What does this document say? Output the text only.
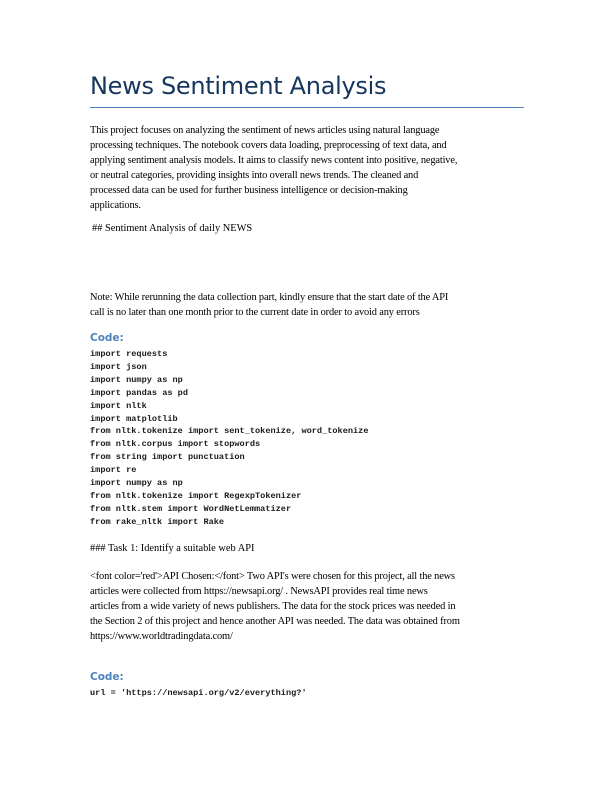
News Sentiment Analysis
This project focuses on analyzing the sentiment of news articles using natural language
processing techniques. The notebook covers data loading, preprocessing of text data, and
applying sentiment analysis models. It aims to classify news content into positive, negative,
or neutral categories, providing insights into overall news trends. The cleaned and
processed data can be used for further business intelligence or decision-making
applications.
## Sentiment Analysis of daily NEWS
Note: While rerunning the data collection part, kindly ensure that the start date of the API
call is no later than one month prior to the current date in order to avoid any errors
Code:
import requests
import json
import numpy as np
import pandas as pd
import nltk
import matplotlib
from nltk.tokenize import sent_tokenize, word_tokenize
from nltk.corpus import stopwords
from string import punctuation
import re
import numpy as np
from nltk.tokenize import RegexpTokenizer
from nltk.stem import WordNetLemmatizer
from rake_nltk import Rake
### Task 1: Identify a suitable web API
<font color='red'>API Chosen:</font> Two API's were chosen for this project, all the news
articles were collected from https://newsapi.org/ . NewsAPI provides real time news
articles from a wide variety of news publishers. The data for the stock prices was needed in
the Section 2 of this project and hence another API was needed. The data was obtained from
https://www.worldtradingdata.com/
Code:
url = 'https://newsapi.org/v2/everything?'
